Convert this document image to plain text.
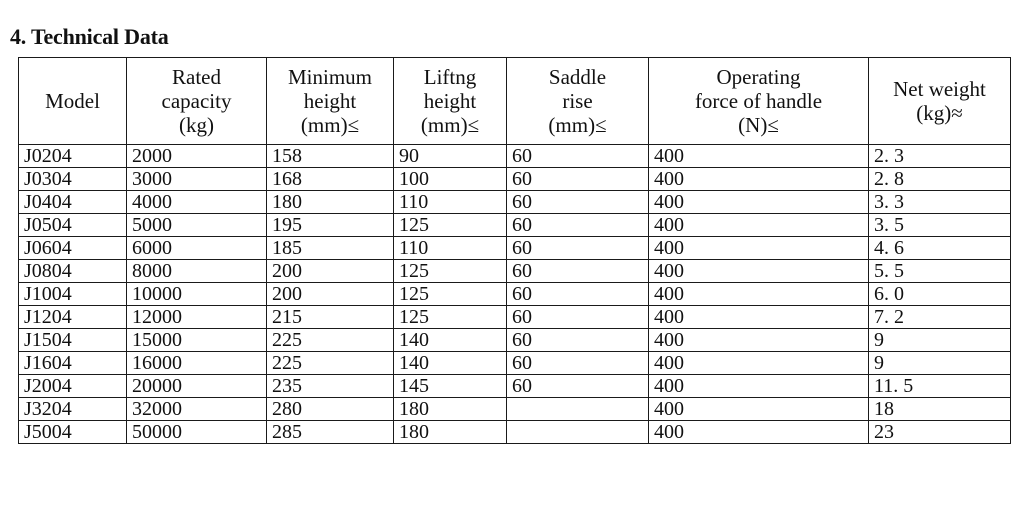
4. Technical Data
Model	Rated
capacity
(kg)	Minimum
height
(mm)≤	Liftng
height
(mm)≤	Saddle
rise
(mm)≤	Operating
force of handle
(N)≤	Net weight
(kg)≈

J0204	2000	158	90	60	400	2. 3
J0304	3000	168	100	60	400	2. 8
J0404	4000	180	110	60	400	3. 3
J0504	5000	195	125	60	400	3. 5
J0604	6000	185	110	60	400	4. 6
J0804	8000	200	125	60	400	5. 5
J1004	10000	200	125	60	400	6. 0
J1204	12000	215	125	60	400	7. 2
J1504	15000	225	140	60	400	9
J1604	16000	225	140	60	400	9
J2004	20000	235	145	60	400	11. 5
J3204	32000	280	180		400	18
J5004	50000	285	180		400	23
